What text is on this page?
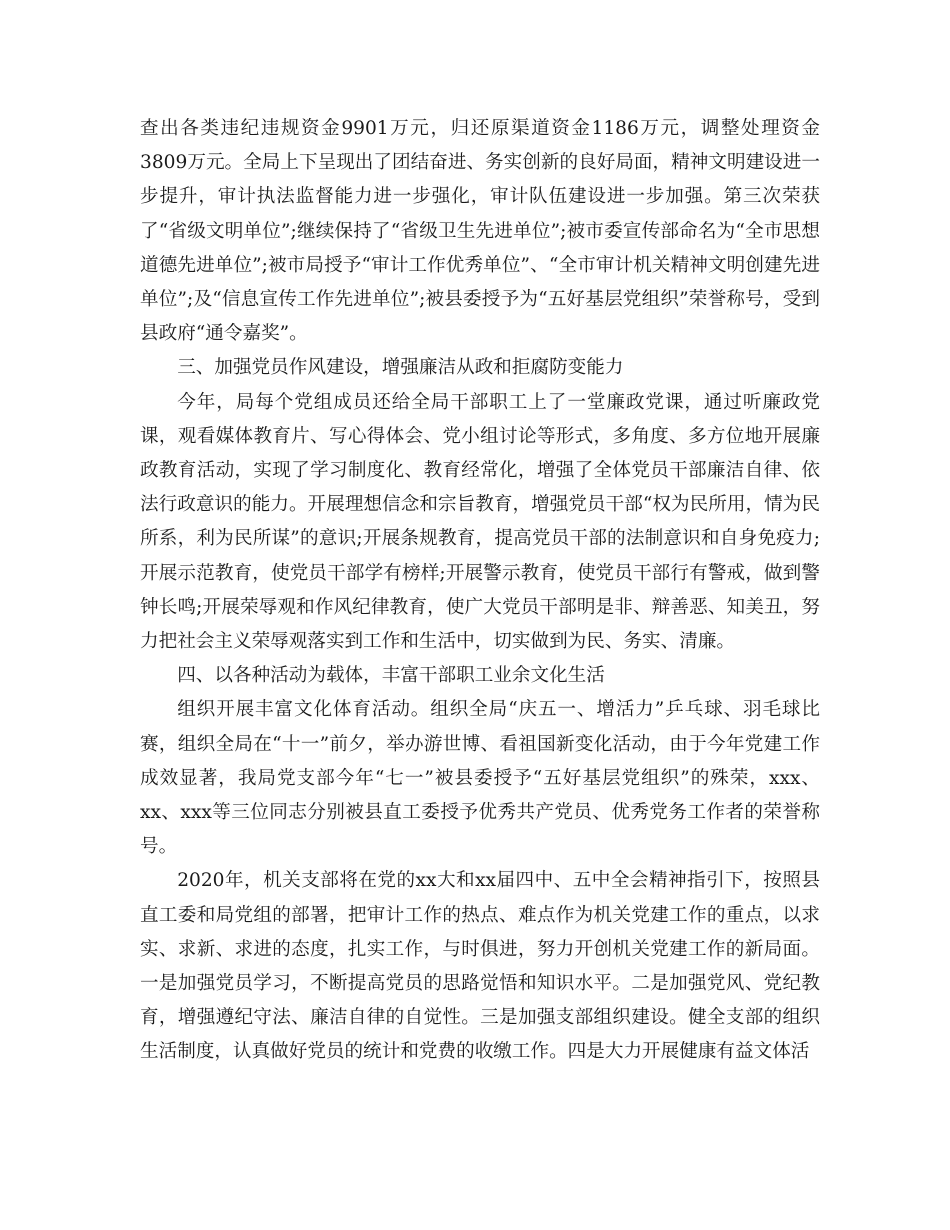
查出各类违纪违规资金9901万元，归还原渠道资金1186万元，调整处理资金3809万元。全局上下呈现出了团结奋进、务实创新的良好局面，精神文明建设进一步提升，审计执法监督能力进一步强化，审计队伍建设进一步加强。第三次荣获了“省级文明单位”;继续保持了“省级卫生先进单位”;被市委宣传部命名为“全市思想道德先进单位”;被市局授予“审计工作优秀单位”、“全市审计机关精神文明创建先进单位”;及“信息宣传工作先进单位”;被县委授予为“五好基层党组织”荣誉称号，受到县政府“通令嘉奖”。

三、加强党员作风建设，增强廉洁从政和拒腐防变能力

今年，局每个党组成员还给全局干部职工上了一堂廉政党课，通过听廉政党课，观看媒体教育片、写心得体会、党小组讨论等形式，多角度、多方位地开展廉政教育活动，实现了学习制度化、教育经常化，增强了全体党员干部廉洁自律、依法行政意识的能力。开展理想信念和宗旨教育，增强党员干部“权为民所用，情为民所系，利为民所谋”的意识;开展条规教育，提高党员干部的法制意识和自身免疫力;开展示范教育，使党员干部学有榜样;开展警示教育，使党员干部行有警戒，做到警钟长鸣;开展荣辱观和作风纪律教育，使广大党员干部明是非、辩善恶、知美丑，努力把社会主义荣辱观落实到工作和生活中，切实做到为民、务实、清廉。

四、以各种活动为载体，丰富干部职工业余文化生活

组织开展丰富文化体育活动。组织全局“庆五一、增活力”乒乓球、羽毛球比赛，组织全局在“十一”前夕，举办游世博、看祖国新变化活动，由于今年党建工作成效显著，我局党支部今年“七一”被县委授予“五好基层党组织”的殊荣，xxx、xx、xxx等三位同志分别被县直工委授予优秀共产党员、优秀党务工作者的荣誉称号。

2020年，机关支部将在党的xx大和xx届四中、五中全会精神指引下，按照县直工委和局党组的部署，把审计工作的热点、难点作为机关党建工作的重点，以求实、求新、求进的态度，扎实工作，与时俱进，努力开创机关党建工作的新局面。一是加强党员学习，不断提高党员的思路觉悟和知识水平。二是加强党风、党纪教育，增强遵纪守法、廉洁自律的自觉性。三是加强支部组织建设。健全支部的组织生活制度，认真做好党员的统计和党费的收缴工作。四是大力开展健康有益文体活
